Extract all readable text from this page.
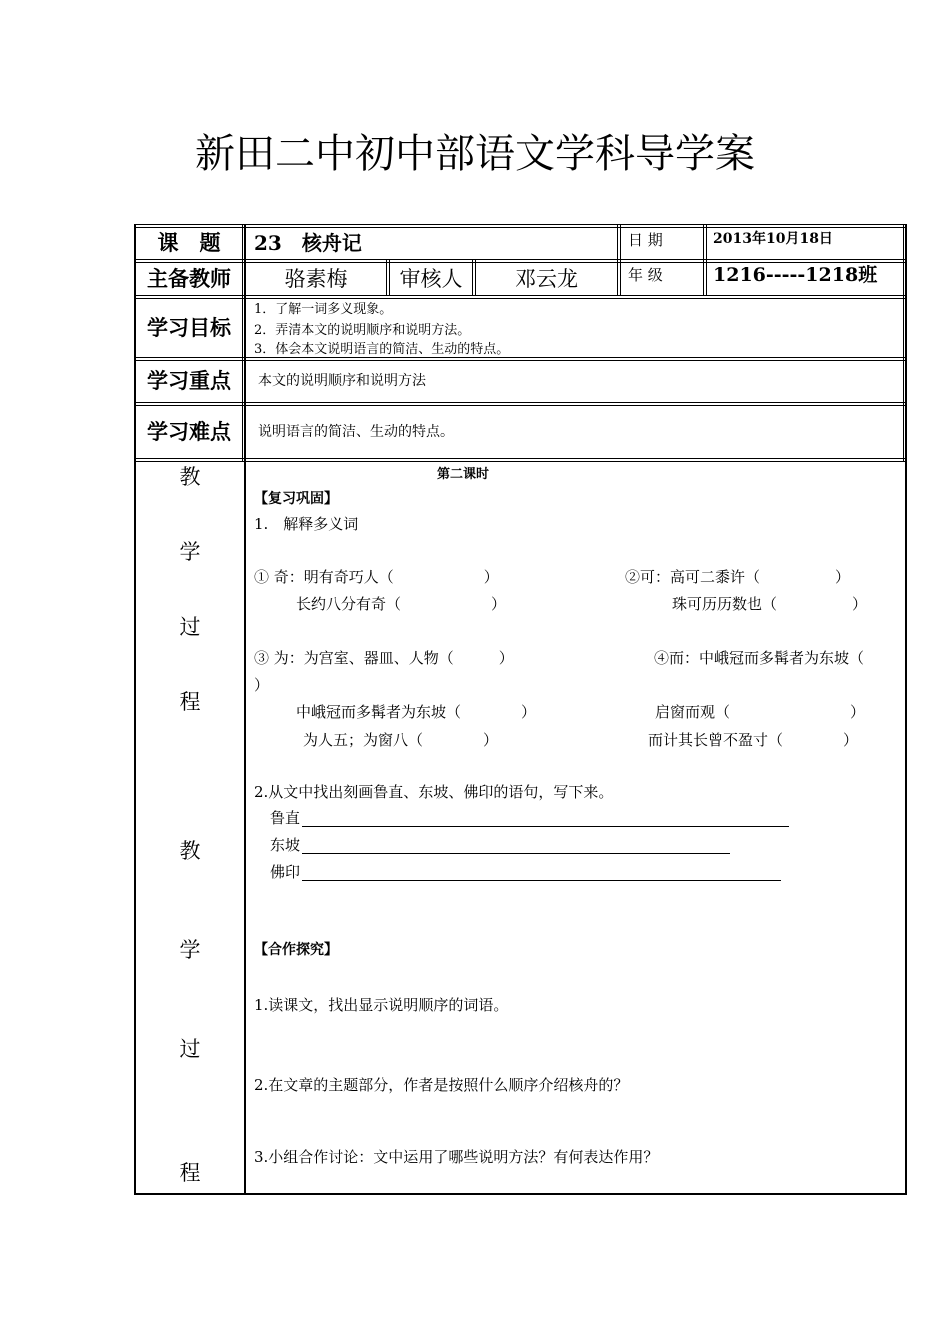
新田二中初中部语文学科导学案
课　题	23　核舟记	日 期	2013年10月18日
主备教师	骆素梅	审核人	邓云龙	年 级	1216-----1218班
学习目标
1．了解一词多义现象。
2．弄清本文的说明顺序和说明方法。
3．体会本文说明语言的简洁、生动的特点。
学习重点	本文的说明顺序和说明方法
学习难点	说明语言的简洁、生动的特点。
教
学
过
程
教
学
过
程
第二课时
【复习巩固】
1.　解释多义词
① 奇：明有奇巧人（　　　　　　）	②可：高可二黍许（　　　　　）
长约八分有奇（　　　　　　）	珠可历历数也（　　　　　）
③ 为：为宫室、器皿、人物（　　　）	④而：中峨冠而多髯者为东坡（
）
中峨冠而多髯者为东坡（　　　　）	启窗而观（　　　　　　　　）
为人五；为窗八（　　　　）	而计其长曾不盈寸（　　　　）
2.从文中找出刻画鲁直、东坡、佛印的语句，写下来。
鲁直
东坡
佛印
【合作探究】
1.读课文，找出显示说明顺序的词语。
2.在文章的主题部分，作者是按照什么顺序介绍核舟的？
3.小组合作讨论：文中运用了哪些说明方法？有何表达作用？
